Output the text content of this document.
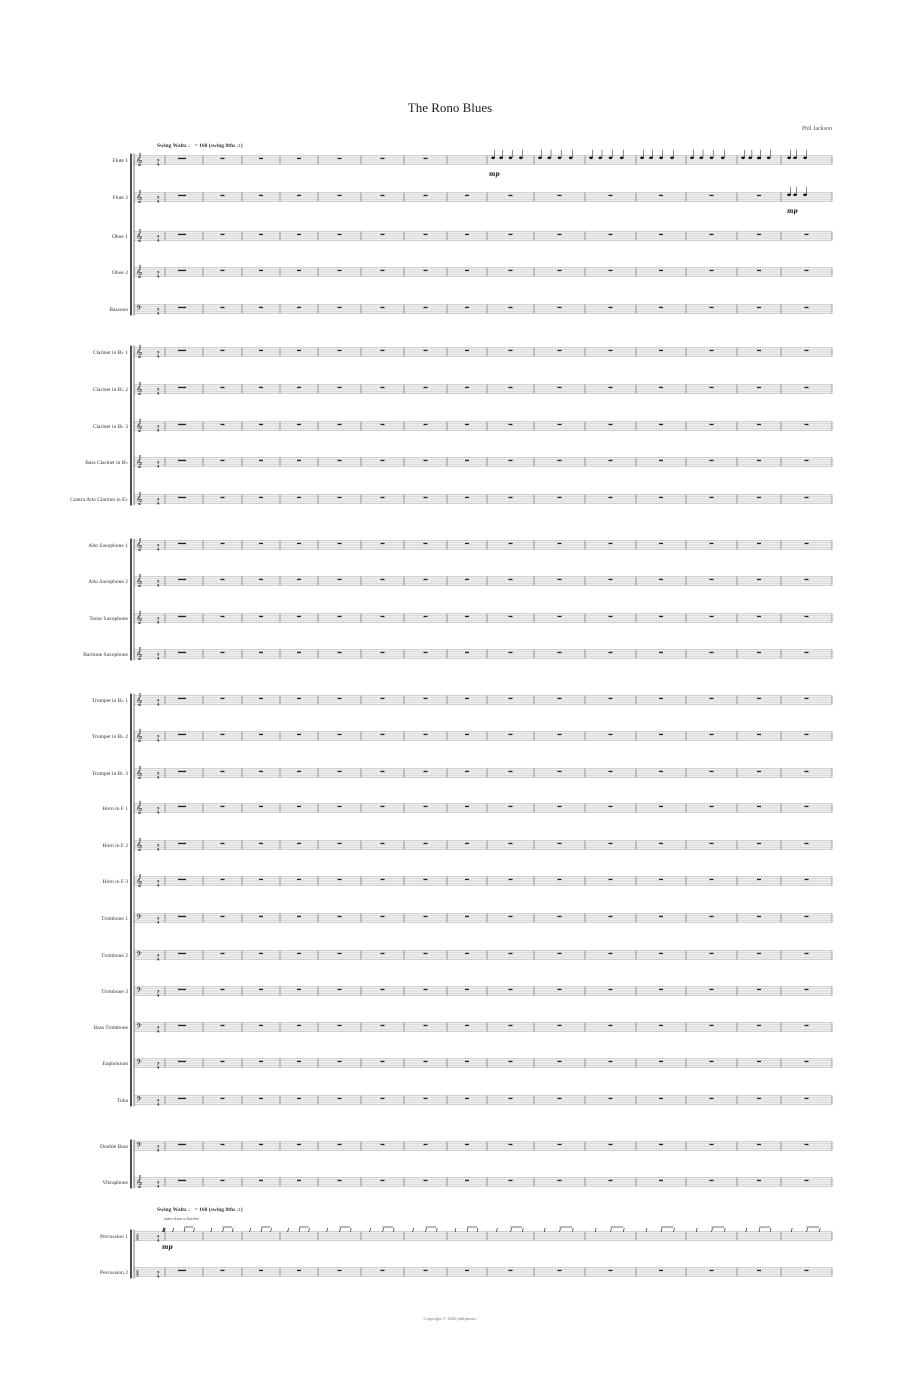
The Rono Blues
Phil Jackson
Swing Waltz ♩ = 160 (swing 8ths ♫)
Swing Waltz ♩ = 160 (swing 8ths ♫)
snare drum w/brushes
Flute 1 𝄞	3
4
Flute 2 𝄞	3
4
Oboe 1 𝄞	3
4
Oboe 2 𝄞	3
4
Bassoon 𝄢	3
4
Clarinet in B♭ 1 𝄞	3
4
Clarinet in B♭ 2 𝄞	3
4
Clarinet in B♭ 3 𝄞	3
4
Bass Clarinet in B♭ 𝄞	3
4
Contra Alto Clarinet in E♭ 𝄞	3
4
Alto Saxophone 1 𝄞	3
4
Alto Saxophone 2 𝄞	3
4
Tenor Saxophone 𝄞	3
4
Baritone Saxophone 𝄞	3
4
Trumpet in B♭ 1 𝄞	3
4
Trumpet in B♭ 2 𝄞	3
4
Trumpet in B♭ 3 𝄞	3
4
Horn in F 1 𝄞	3
4
Horn in F 2 𝄞	3
4
Horn in F 3 𝄞	3
4
Trombone 1 𝄢	3
4
Trombone 2 𝄢	3
4
Trombone 3 𝄢	3
4
Bass Trombone 𝄢	3
4
Euphonium 𝄢	3
4
Tuba 𝄢	3
4
Double Bass 𝄢	3
4
Vibraphone 𝄞	3
4
Percussion 1 ‖	3
4
Percussion 2 ‖	3
4
mp
mp
mp
Copyright © 2020 philjmusic
